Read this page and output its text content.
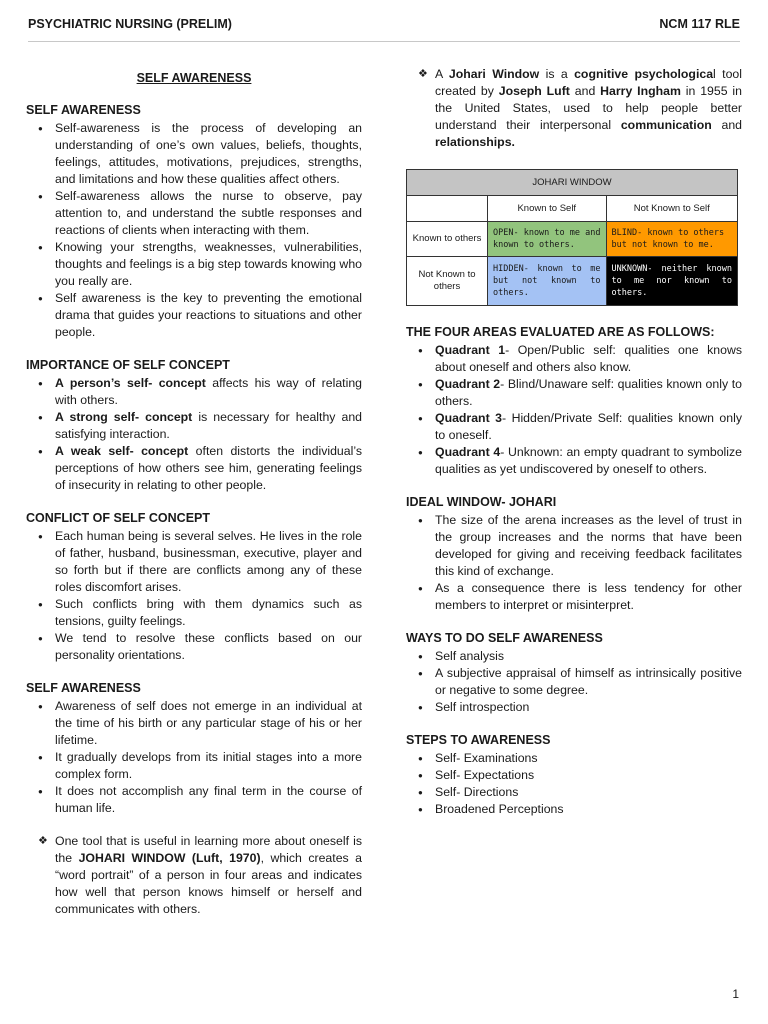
PSYCHIATRIC NURSING (PRELIM)	NCM 117 RLE
SELF AWARENESS
SELF AWARENESS
● Self-awareness is the process of developing an understanding of one’s own values, beliefs, thoughts, feelings, attitudes, motivations, prejudices, strengths, and limitations and how these qualities affect others.
● Self-awareness allows the nurse to observe, pay attention to, and understand the subtle responses and reactions of clients when interacting with them.
● Knowing your strengths, weaknesses, vulnerabilities, thoughts and feelings is a big step towards knowing who you really are.
● Self awareness is the key to preventing the emotional drama that guides your reactions to situations and other people.
IMPORTANCE OF SELF CONCEPT
● A person’s self- concept affects his way of relating with others.
● A strong self- concept is necessary for healthy and satisfying interaction.
● A weak self- concept often distorts the individual’s perceptions of how others see him, generating feelings of insecurity in relating to other people.
CONFLICT OF SELF CONCEPT
● Each human being is several selves. He lives in the role of father, husband, businessman, executive, player and so forth but if there are conflicts among any of these roles discomfort arises.
● Such conflicts bring with them dynamics such as tensions, guilty feelings.
● We tend to resolve these conflicts based on our personality orientations.
SELF AWARENESS
● Awareness of self does not emerge in an individual at the time of his birth or any particular stage of his or her lifetime.
● It gradually develops from its initial stages into a more complex form.
● It does not accomplish any final term in the course of human life.
❖ One tool that is useful in learning more about oneself is the JOHARI WINDOW (Luft, 1970), which creates a “word portrait” of a person in four areas and indicates how well that person knows himself or herself and communicates with others.
❖ A Johari Window is a cognitive psychological tool created by Joseph Luft and Harry Ingham in 1955 in the United States, used to help people better understand their interpersonal communication and relationships.
JOHARI WINDOW		
	Known to Self	Not Known to Self
Known to others	OPEN- known to me and known to others.	BLIND- known to others but not known to me.
Not Known to others	HIDDEN- known to me but not known to others.	UNKNOWN- neither known to me nor known to others.
THE FOUR AREAS EVALUATED ARE AS FOLLOWS:
● Quadrant 1- Open/Public self: qualities one knows about oneself and others also know.
● Quadrant 2- Blind/Unaware self: qualities known only to others.
● Quadrant 3- Hidden/Private Self: qualities known only to oneself.
● Quadrant 4- Unknown: an empty quadrant to symbolize qualities as yet undiscovered by oneself to others.
IDEAL WINDOW- JOHARI
● The size of the arena increases as the level of trust in the group increases and the norms that have been developed for giving and receiving feedback facilitates this kind of exchange.
● As a consequence there is less tendency for other members to interpret or misinterpret.
WAYS TO DO SELF AWARENESS
● Self analysis
● A subjective appraisal of himself as intrinsically positive or negative to some degree.
● Self introspection
STEPS TO AWARENESS
● Self- Examinations
● Self- Expectations
● Self- Directions
● Broadened Perceptions
1
